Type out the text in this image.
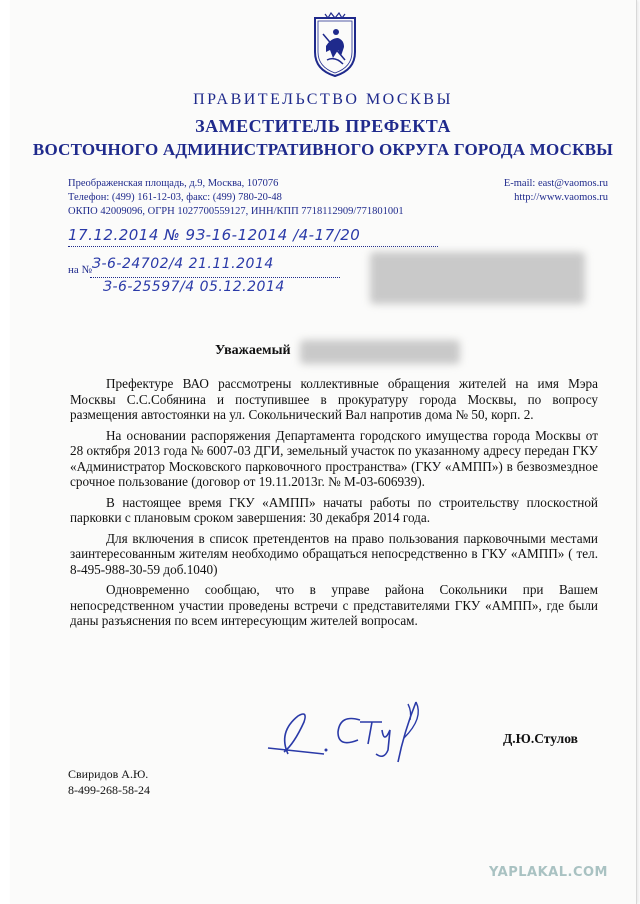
ПРАВИТЕЛЬСТВО МОСКВЫ
ЗАМЕСТИТЕЛЬ ПРЕФЕКТА
ВОСТОЧНОГО АДМИНИСТРАТИВНОГО ОКРУГА ГОРОДА МОСКВЫ
Преображенская площадь, д.9, Москва, 107076	E-mail: east@vaomos.ru
Телефон: (499) 161-12-03, факс: (499) 780-20-48	http://www.vaomos.ru
ОКПО 42009096, ОГРН 1027700559127, ИНН/КПП 7718112909/771801001
17.12.2014 № 9З-16-12014 /4-17/20
на № З-6-24702/4 21.11.2014
З-6-25597/4 05.12.2014
Уважаемый

Префектуре ВАО рассмотрены коллективные обращения жителей на имя Мэра Москвы С.С.Собянина и поступившее в прокуратуру города Москвы, по вопросу размещения автостоянки на ул. Сокольнический Вал напротив дома № 50, корп. 2.

На основании распоряжения Департамента городского имущества города Москвы от 28 октября 2013 года № 6007-03 ДГИ, земельный участок по указанному адресу передан ГКУ «Администратор Московского парковочного пространства» (ГКУ «АМПП») в безвозмездное срочное пользование (договор от 19.11.2013г. № М-03-606939).

В настоящее время ГКУ «АМПП» начаты работы по строительству плоскостной парковки с плановым сроком завершения: 30 декабря 2014 года.

Для включения в список претендентов на право пользования парковочными местами заинтересованным жителям необходимо обращаться непосредственно в ГКУ «АМПП» ( тел. 8-495-988-30-59 доб.1040)

Одновременно сообщаю, что в управе района Сокольники при Вашем непосредственном участии проведены встречи с представителями ГКУ «АМПП», где были даны разъяснения по всем интересующим жителей вопросам.

Д.Ю.Стулов
Свиридов А.Ю.
8-499-268-58-24
YAPLAKAL.COM
